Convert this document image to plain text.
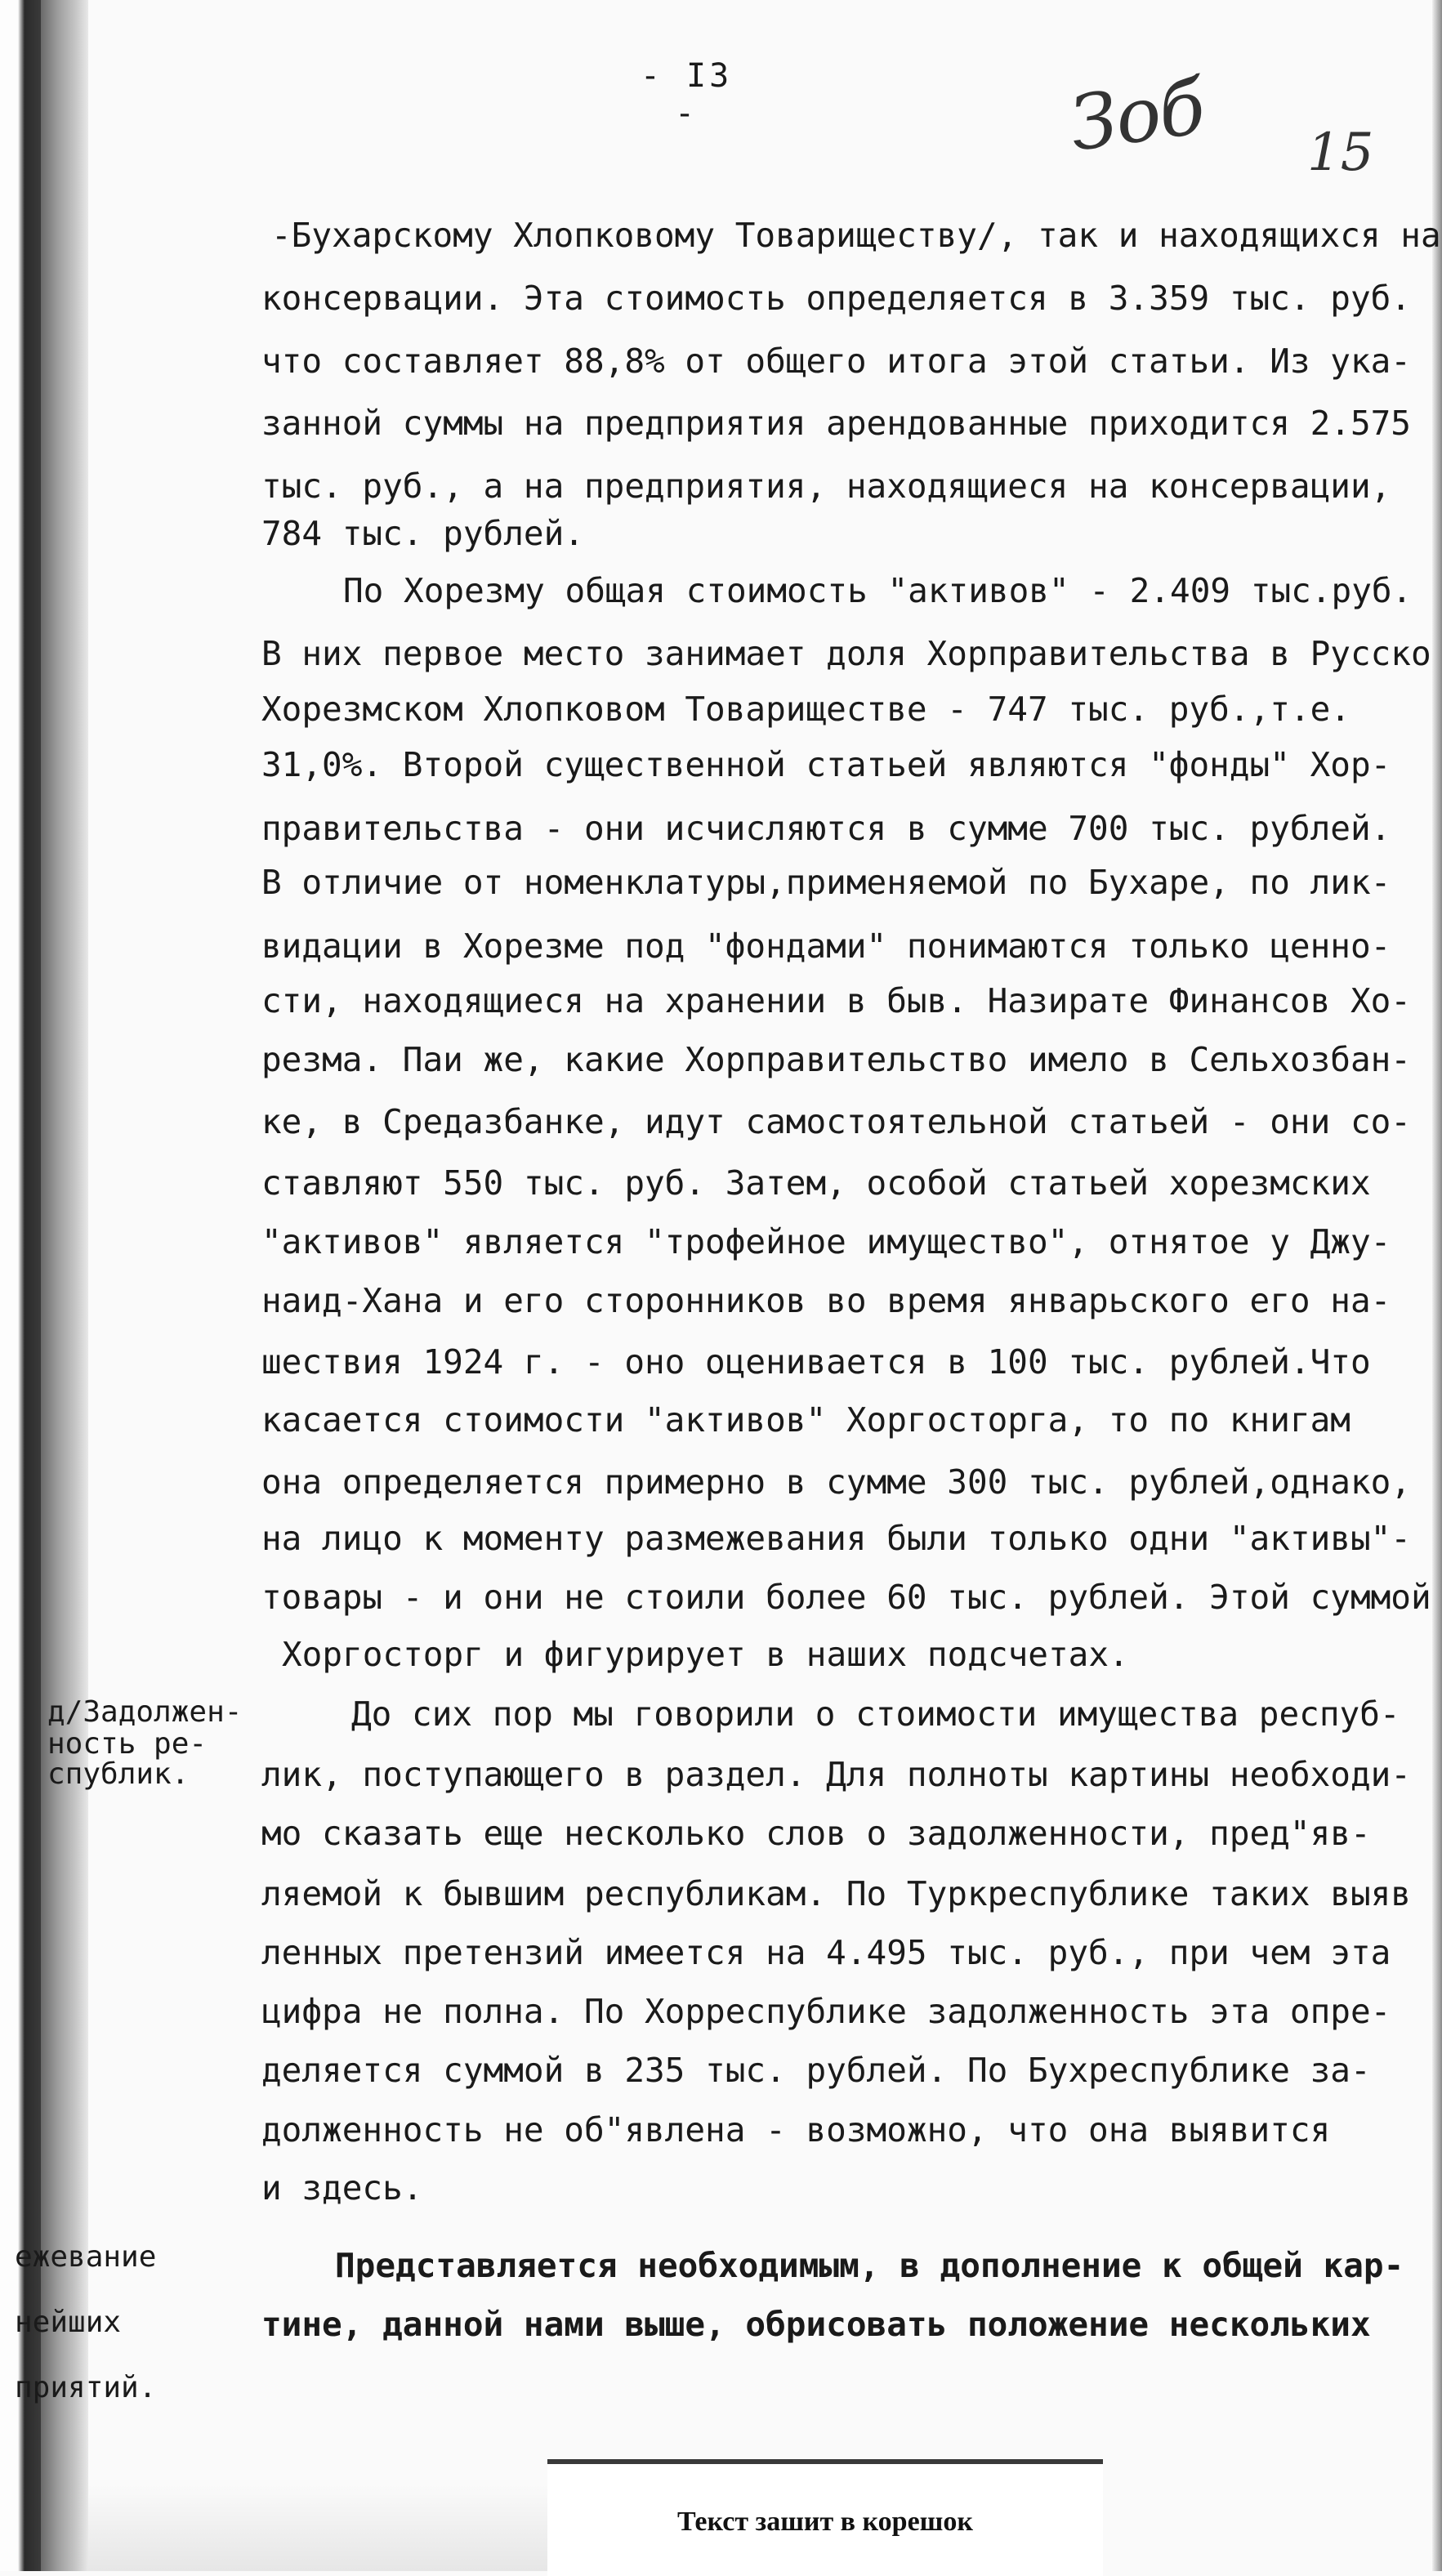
- I3 -	Зоб 15
-Бухарскому Хлопковому Товариществу/, так и находящихся на
консервации. Эта стоимость определяется в 3.359 тыс. руб.
что составляет 88,8% от общего итога этой статьи. Из ука-
занной суммы на предприятия арендованные приходится 2.575
тыс. руб., а на предприятия, находящиеся на консервации,
784 тыс. рублей.
По Хорезму общая стоимость "активов" - 2.409 тыс.руб.
В них первое место занимает доля Хорправительства в Русско
Хорезмском Хлопковом Товариществе - 747 тыс. руб.,т.е.
31,0%. Второй существенной статьей являются "фонды" Хор-
правительства - они исчисляются в сумме 700 тыс. рублей.
В отличие от номенклатуры,применяемой по Бухаре, по лик-
видации в Хорезме под "фондами" понимаются только ценно-
сти, находящиеся на хранении в быв. Назирате Финансов Хо-
резма. Паи же, какие Хорправительство имело в Сельхозбан-
ке, в Средазбанке, идут самостоятельной статьей - они со-
ставляют 550 тыс. руб. Затем, особой статьей хорезмских
"активов" является "трофейное имущество", отнятое у Джу-
наид-Хана и его сторонников во время январьского его на-
шествия 1924 г. - оно оценивается в 100 тыс. рублей.Что
касается стоимости "активов" Хоргосторга, то по книгам
она определяется примерно в сумме 300 тыс. рублей,однако,
на лицо к моменту размежевания были только одни "активы"-
товары - и они не стоили более 60 тыс. рублей. Этой суммой
Хоргосторг и фигурирует в наших подсчетах.
До сих пор мы говорили о стоимости имущества респуб-
лик, поступающего в раздел. Для полноты картины необходи-
мо сказать еще несколько слов о задолженности, пред"яв-
ляемой к бывшим республикам. По Туркреспублике таких выяв
ленных претензий имеется на 4.495 тыс. руб., при чем эта
цифра не полна. По Хорреспублике задолженность эта опре-
деляется суммой в 235 тыс. рублей. По Бухреспублике за-
долженность не об"явлена - возможно, что она выявится
и здесь.
Представляется необходимым, в дополнение к общей кар-
тине, данной нами выше, обрисовать положение нескольких
д/Задолжен-
ность ре-
спублик.
ежевание
нейших
приятий.
Текст зашит в корешок
